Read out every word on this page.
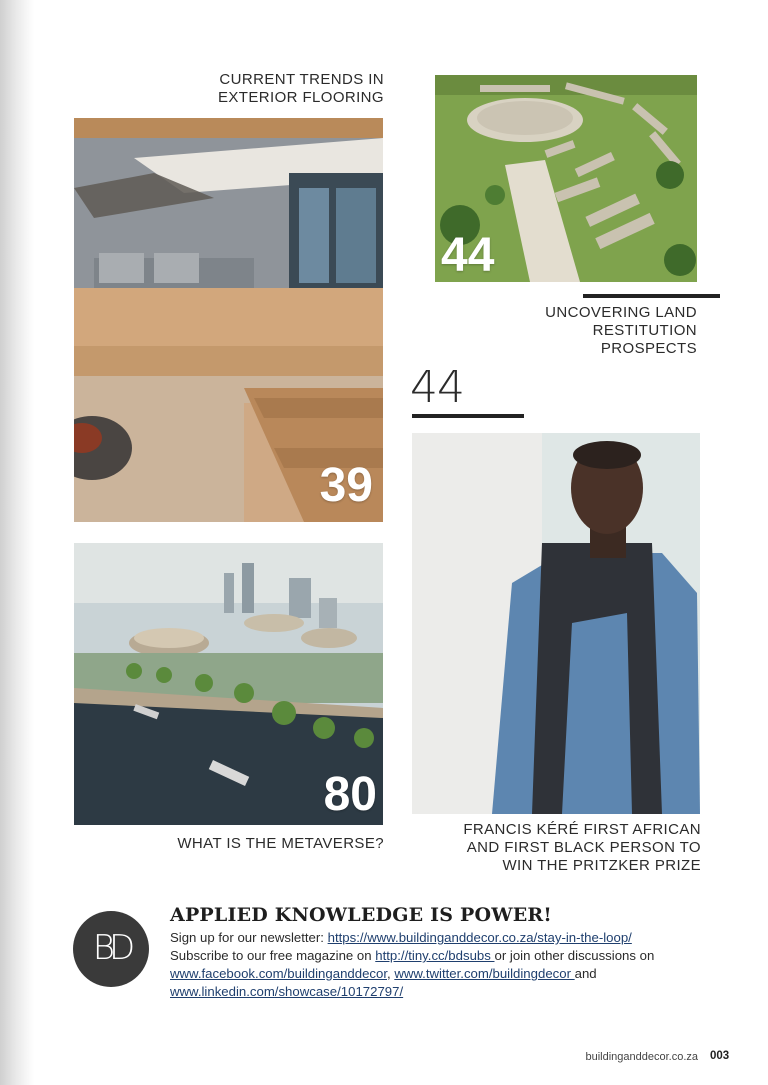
CURRENT TRENDS IN
EXTERIOR FLOORING
39
44
UNCOVERING LAND
RESTITUTION
PROSPECTS
44
FRANCIS KÉRÉ FIRST AFRICAN
AND FIRST BLACK PERSON TO
WIN THE PRITZKER PRIZE
80
WHAT IS THE METAVERSE?
BD
APPLIED KNOWLEDGE IS POWER!
Sign up for our newsletter: https://www.buildinganddecor.co.za/stay-in-the-loop/
Subscribe to our free magazine on http://tiny.cc/bdsubs or join other discussions on
www.facebook.com/buildinganddecor, www.twitter.com/buildingdecor and
www.linkedin.com/showcase/10172797/
buildinganddecor.co.za 003
